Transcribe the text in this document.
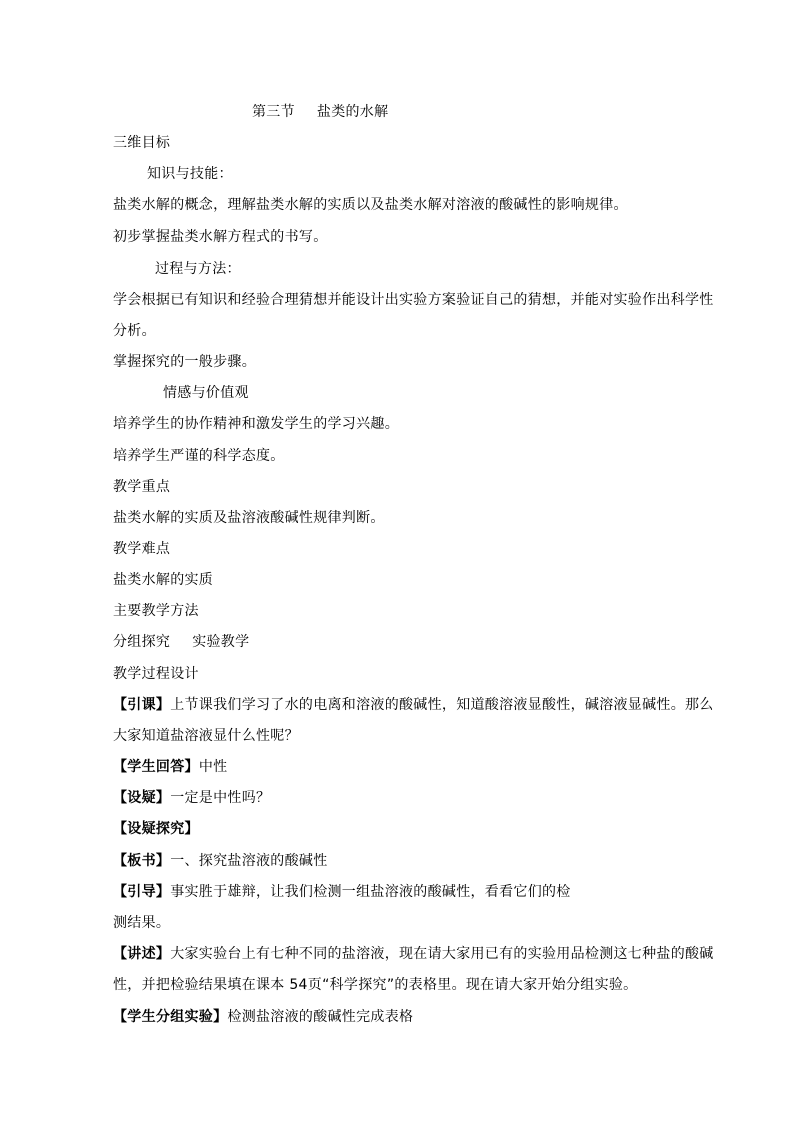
第三节 盐类的水解
三维目标
知识与技能：
盐类水解的概念，理解盐类水解的实质以及盐类水解对溶液的酸碱性的影响规律。
初步掌握盐类水解方程式的书写。
过程与方法：
学会根据已有知识和经验合理猜想并能设计出实验方案验证自己的猜想，并能对实验作出科学性
分析。
掌握探究的一般步骤。
情感与价值观
培养学生的协作精神和激发学生的学习兴趣。
培养学生严谨的科学态度。
教学重点
盐类水解的实质及盐溶液酸碱性规律判断。
教学难点
盐类水解的实质
主要教学方法
分组探究 实验教学
教学过程设计
【引课】上节课我们学习了水的电离和溶液的酸碱性，知道酸溶液显酸性，碱溶液显碱性。那么
大家知道盐溶液显什么性呢？
【学生回答】中性
【设疑】一定是中性吗？
【设疑探究】
【板书】一、探究盐溶液的酸碱性
【引导】事实胜于雄辩，让我们检测一组盐溶液的酸碱性，看看它们的检
测结果。
【讲述】大家实验台上有七种不同的盐溶液，现在请大家用已有的实验用品检测这七种盐的酸碱
性，并把检验结果填在课本 54页“科学探究”的表格里。现在请大家开始分组实验。
【学生分组实验】检测盐溶液的酸碱性完成表格
